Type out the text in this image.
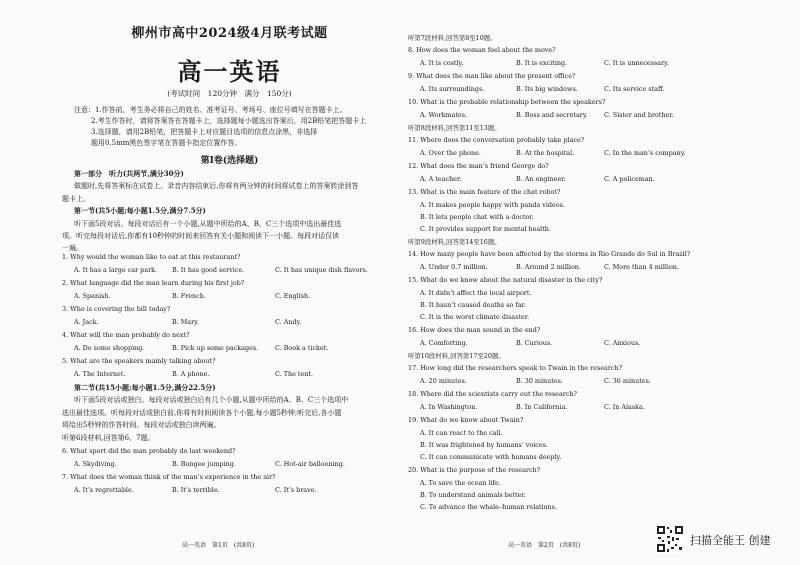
柳州市高中2024级4月联考试题
高一英语
(考试时间　120分钟　满分　150分)
注意：1.作答前，考生务必将自己的姓名、准考证号、考场号、座位号填写在答题卡上。
2.考生作答时，请将答案答在答题卡上，选择题每小题选出答案后，用2B铅笔把答题卡上
3.选择题，请用2B铅笔，把答题卡上对应题目选项的信息点涂黑，非选择
题用0.5mm黑色签字笔在答题卡指定位置作答。
第Ⅰ卷(选择题)
第一部分　听力(共两节,满分30分)
做题时,先将答案标在试卷上。录音内容结束后,你将有两分钟的时间将试卷上的答案转涂到答
题卡上。
第一节(共5小题;每小题1.5分,满分7.5分)
听下面5段对话。每段对话后有一个小题,从题中所给的A、B、C三个选项中选出最佳选
项。听完每段对话后,你都有10秒钟的时间来回答有关小题和阅读下一小题。每段对话仅读
一遍。
1. Why would the woman like to eat at this restaurant?
A. It has a large car park. B. It has good service.	C. It has unique dish flavors.
2. What language did the man learn during his first job?
A. Spanish.	B. French.	C. English.
3. Who is covering the bill today?
A. Jack.	B. Mary.	C. Andy.
4. What will the man probably do next?
A. Do some shopping.	B. Pick up some packages.	C. Book a ticket.
5. What are the speakers mainly talking about?
A. The Internet.	B. A phone.	C. The tent.
第二节(共15小题;每小题1.5分,满分22.5分)
听下面5段对话或独白。每段对话或独白后有几个小题,从题中所给的A、B、C三个选项中
选出最佳选项。听每段对话或独白前,你将有时间阅读各个小题,每小题5秒钟;听完后,各小题
将给出5秒钟的作答时间。每段对话或独白读两遍。
听第6段材料,回答第6、7题。
6. What sport did the man probably do last weekend?
A. Skydiving.	B. Bungee jumping.	C. Hot-air ballooning.
7. What does the woman think of the man’s experience in the air?
A. It’s regrettable.	B. It’s terrible.	C. It’s brave.
高一英语　第1页　(共8页)
听第7段材料,回答第8至10题。
8. How does the woman feel about the move?
A. It is costly.	B. It is exciting.	C. It is unnecessary.
9. What does the man like about the present office?
A. Its surroundings.	B. Its big windows.	C. Its service staff.
10. What is the probable relationship between the speakers?
A. Workmates.	B. Boss and secretary.	C. Sister and brother.
听第8段材料,回答第11至13题。
11. Where does the conversation probably take place?
A. Over the phone.	B. At the hospital.	C. In the man’s company.
12. What does the man’s friend George do?
A. A teacher.	B. An engineer.	C. A policeman.
13. What is the main feature of the chat robot?
A. It makes people happy with panda videos.
B. It lets people chat with a doctor.
C. It provides support for mental health.
听第9段材料,回答第14至16题。
14. How many people have been affected by the storms in Rio Grande do Sul in Brazil?
A. Under 0.7 million.	B. Around 2 million.	C. More than 4 million.
15. What do we know about the natural disaster in the city?
A. It didn’t affect the local airport.
B. It hasn’t caused deaths so far.
C. It is the worst climate disaster.
16. How does the man sound in the end?
A. Comforting.	B. Curious.	C. Anxious.
听第10段材料,回答第17至20题。
17. How long did the researchers speak to Twain in the research?
A. 20 minutes.	B. 30 minutes.	C. 36 minutes.
18. Where did the scientists carry out the research?
A. In Washington.	B. In California.	C. In Alaska.
19. What do we know about Twain?
A. It can react to the call.
B. It was frightened by humans’ voices.
C. It can communicate with humans deeply.
20. What is the purpose of the research?
A. To save the ocean life.
B. To understand animals better.
C. To advance the whale–human relations.
高一英语　第2页　(共8页)	扫描全能王 创建
